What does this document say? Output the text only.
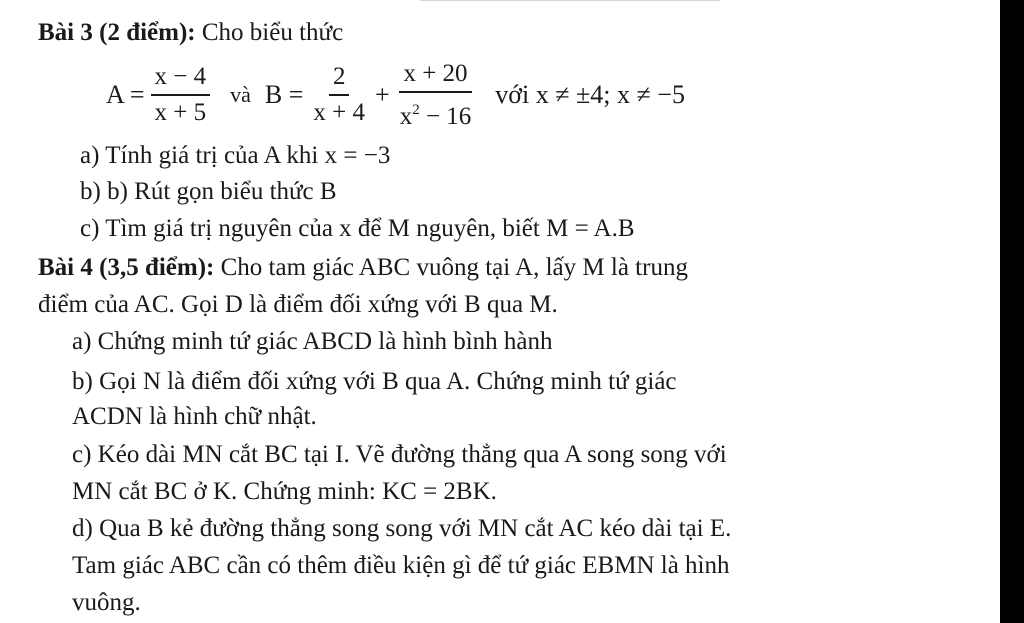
Bài 3 (2 điểm): Cho biểu thức
$A = \frac{x - 4}{x + 5}$ và $B = \frac{2}{x + 4} + \frac{x + 20}{x^2 - 16}$ với x ≠ ±4; x ≠ −5
a) Tính giá trị của A khi x = −3
b) b) Rút gọn biểu thức B
c) Tìm giá trị nguyên của x để M nguyên, biết M = A.B
Bài 4 (3,5 điểm): Cho tam giác ABC vuông tại A, lấy M là trung
điểm của AC. Gọi D là điểm đối xứng với B qua M.
a) Chứng minh tứ giác ABCD là hình bình hành
b) Gọi N là điểm đối xứng với B qua A. Chứng minh tứ giác
ACDN là hình chữ nhật.
c) Kéo dài MN cắt BC tại I. Vẽ đường thẳng qua A song song với
MN cắt BC ở K. Chứng minh: KC = 2BK.
d) Qua B kẻ đường thẳng song song với MN cắt AC kéo dài tại E.
Tam giác ABC cần có thêm điều kiện gì để tứ giác EBMN là hình
vuông.
